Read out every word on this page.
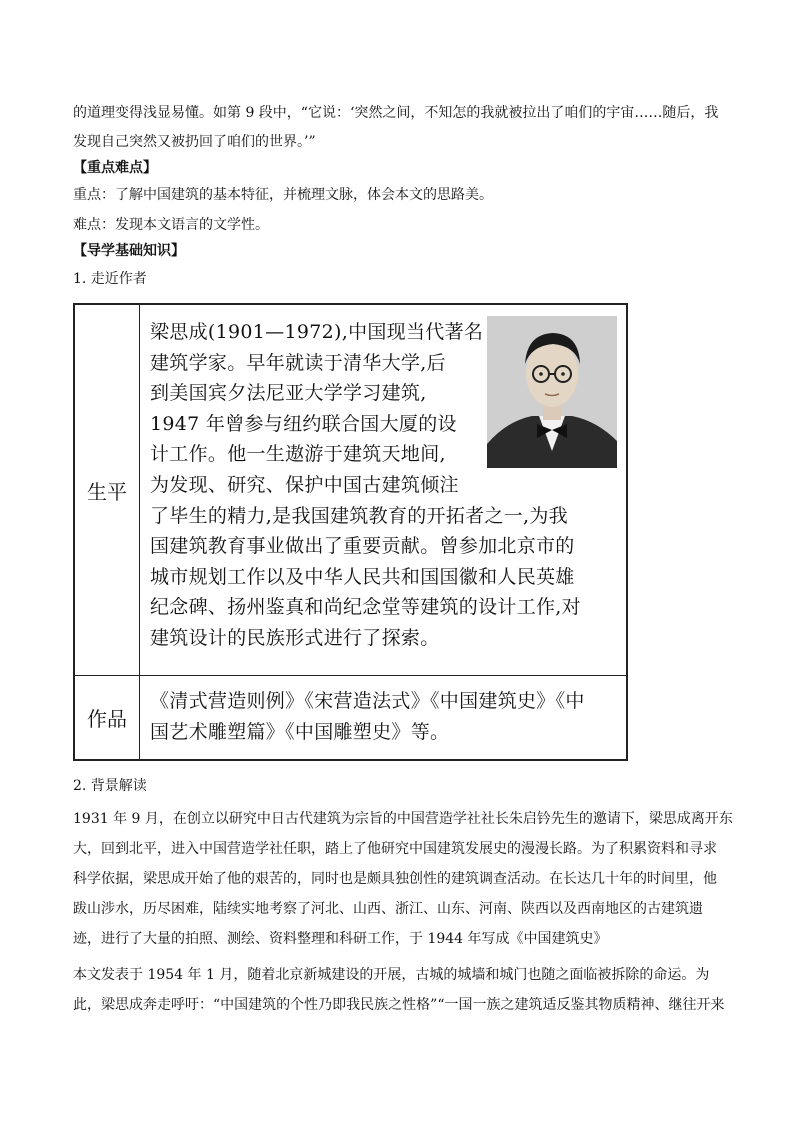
的道理变得浅显易懂。如第 9 段中，“它说：‘突然之间，不知怎的我就被拉出了咱们的宇宙……随后，我
发现自己突然又被扔回了咱们的世界。’”
【重点难点】
重点：了解中国建筑的基本特征，并梳理文脉，体会本文的思路美。
难点：发现本文语言的文学性。
【导学基础知识】
1. 走近作者
生平
梁思成(1901—1972),中国现当代著名
建筑学家。早年就读于清华大学,后
到美国宾夕法尼亚大学学习建筑,
1947 年曾参与纽约联合国大厦的设
计工作。他一生遨游于建筑天地间,
为发现、研究、保护中国古建筑倾注
了毕生的精力,是我国建筑教育的开拓者之一,为我
国建筑教育事业做出了重要贡献。曾参加北京市的
城市规划工作以及中华人民共和国国徽和人民英雄
纪念碑、扬州鉴真和尚纪念堂等建筑的设计工作,对
建筑设计的民族形式进行了探索。
作品
《清式营造则例》《宋营造法式》《中国建筑史》《中
国艺术雕塑篇》《中国雕塑史》等。
2. 背景解读
1931 年 9 月，在创立以研究中日古代建筑为宗旨的中国营造学社社长朱启钤先生的邀请下，梁思成离开东
大，回到北平，进入中国营造学社任职，踏上了他研究中国建筑发展史的漫漫长路。为了积累资料和寻求
科学依据，梁思成开始了他的艰苦的，同时也是颇具独创性的建筑调查活动。在长达几十年的时间里，他
跋山涉水，历尽困难，陆续实地考察了河北、山西、浙江、山东、河南、陕西以及西南地区的古建筑遗
迹，进行了大量的拍照、测绘、资料整理和科研工作，于 1944 年写成《中国建筑史》
本文发表于 1954 年 1 月，随着北京新城建设的开展，古城的城墙和城门也随之面临被拆除的命运。为
此，梁思成奔走呼吁：“中国建筑的个性乃即我民族之性格”“一国一族之建筑适反鉴其物质精神、继往开来
